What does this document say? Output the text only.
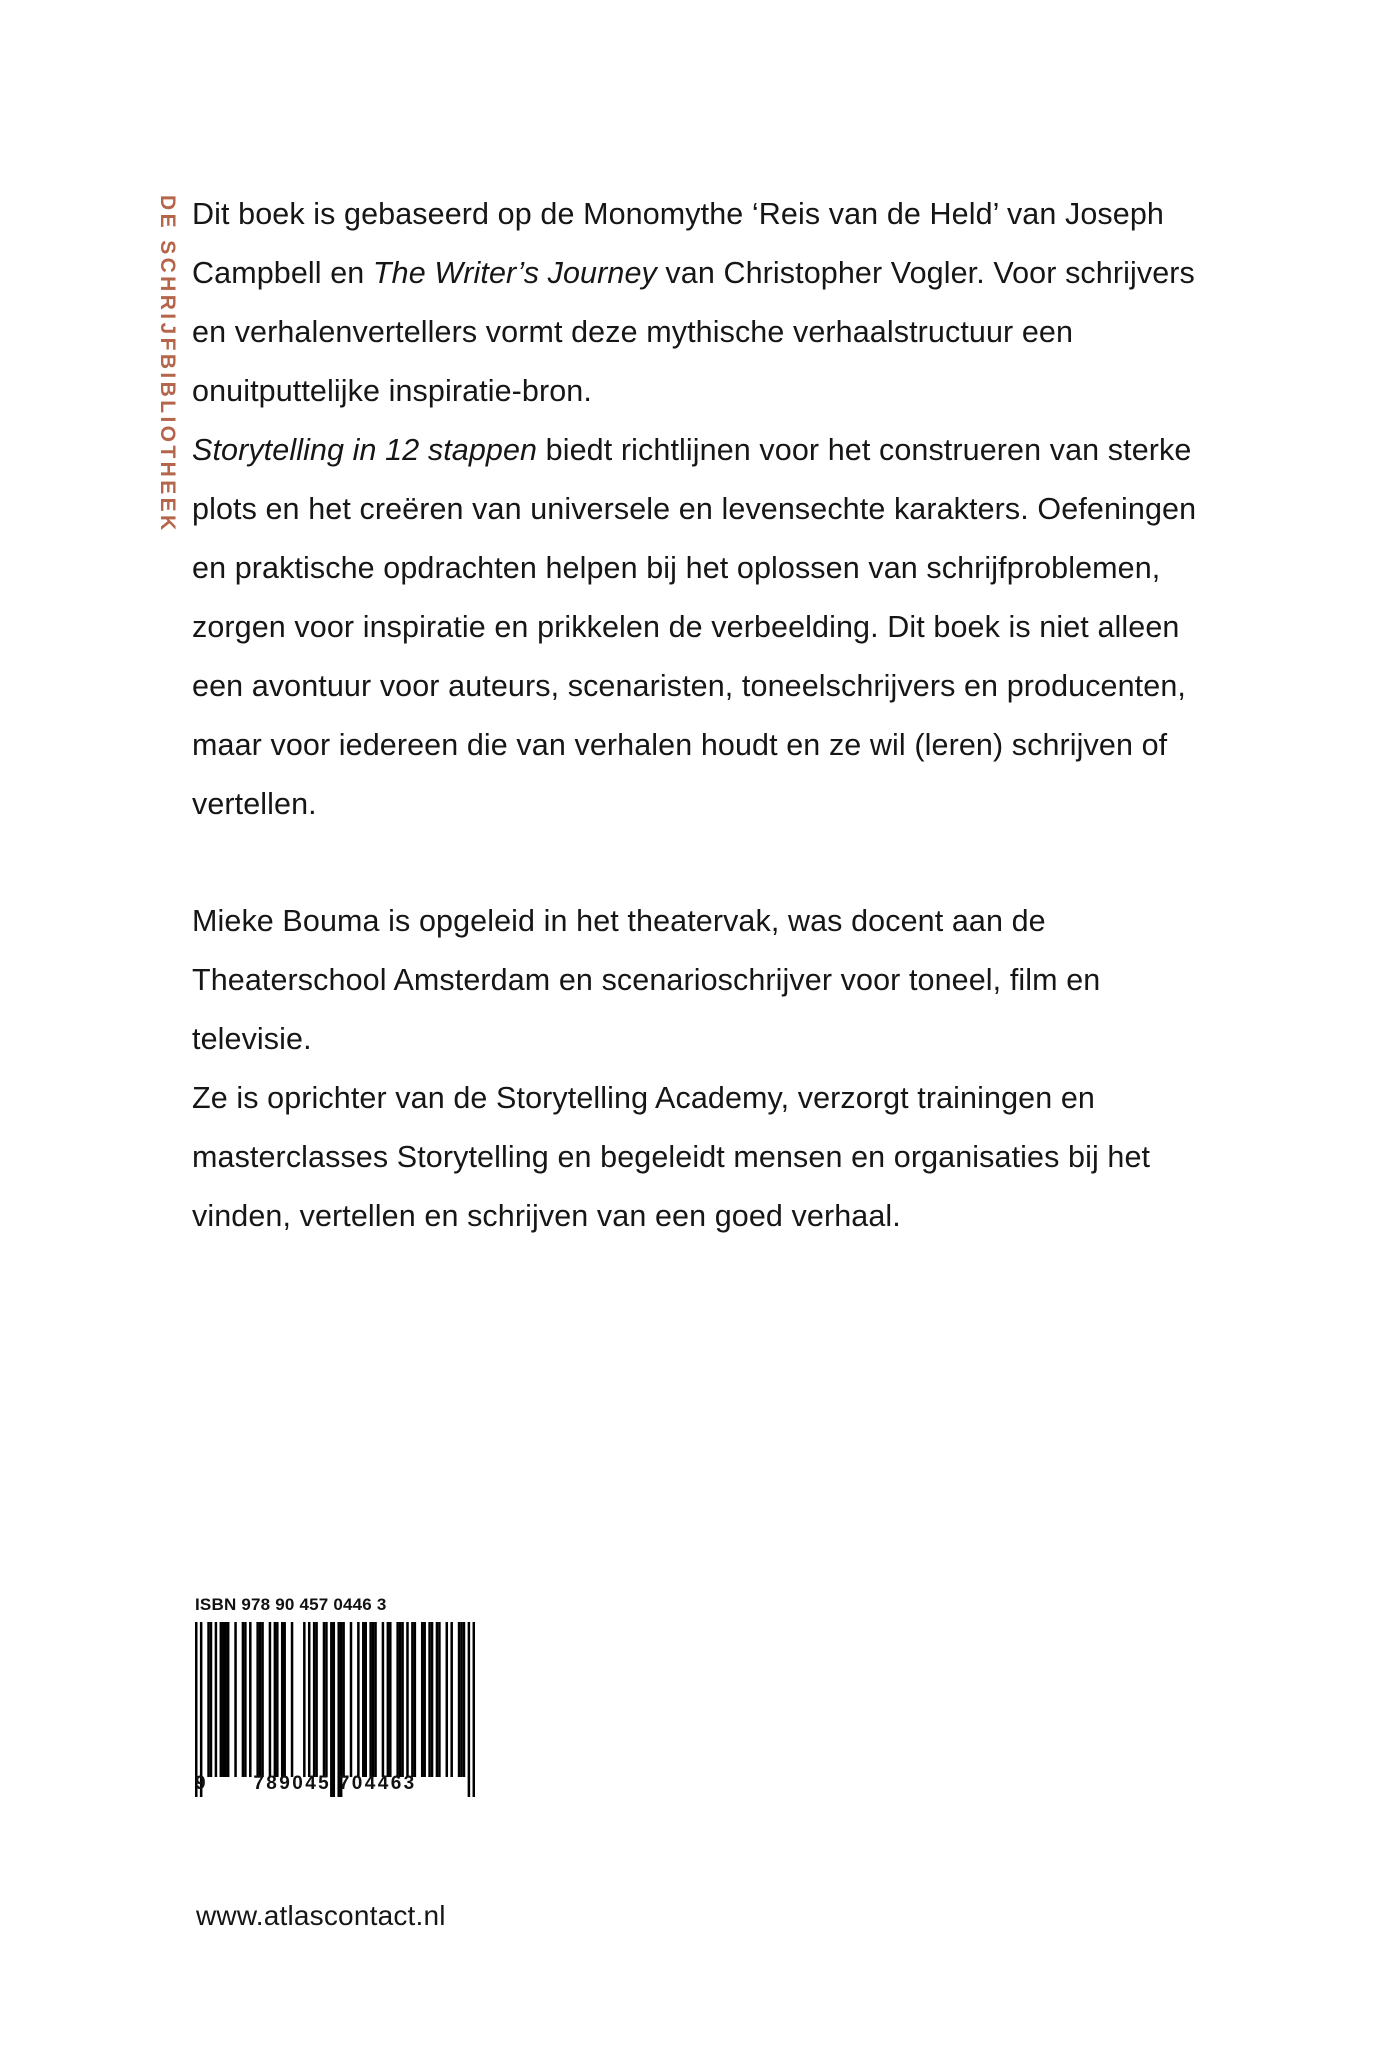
DE SCHRIJFBIBLIOTHEEK Dit boek is gebaseerd op de Monomythe ‘Reis van de Held’ van Joseph Campbell en The Writer’s Journey van Christopher Vogler. Voor schrijvers en verhalenvertellers vormt deze mythische verhaalstructuur een onuitputtelijke inspiratie-bron.

Storytelling in 12 stappen biedt richtlijnen voor het construeren van sterke plots en het creëren van universele en levensechte karakters. Oefeningen en praktische opdrachten helpen bij het oplossen van schrijfproblemen, zorgen voor inspiratie en prikkelen de verbeelding. Dit boek is niet alleen een avontuur voor auteurs, scenaristen, toneelschrijvers en producenten, maar voor iedereen die van verhalen houdt en ze wil (leren) schrijven of vertellen.

Mieke Bouma is opgeleid in het theatervak, was docent aan de Theaterschool Amsterdam en scenarioschrijver voor toneel, film en televisie.

Ze is oprichter van de Storytelling Academy, verzorgt trainingen en masterclasses Storytelling en begeleidt mensen en organisaties bij het vinden, vertellen en schrijven van een goed verhaal.

ISBN 978 90 457 0446 3
9	789045 704463
www.atlascontact.nl
